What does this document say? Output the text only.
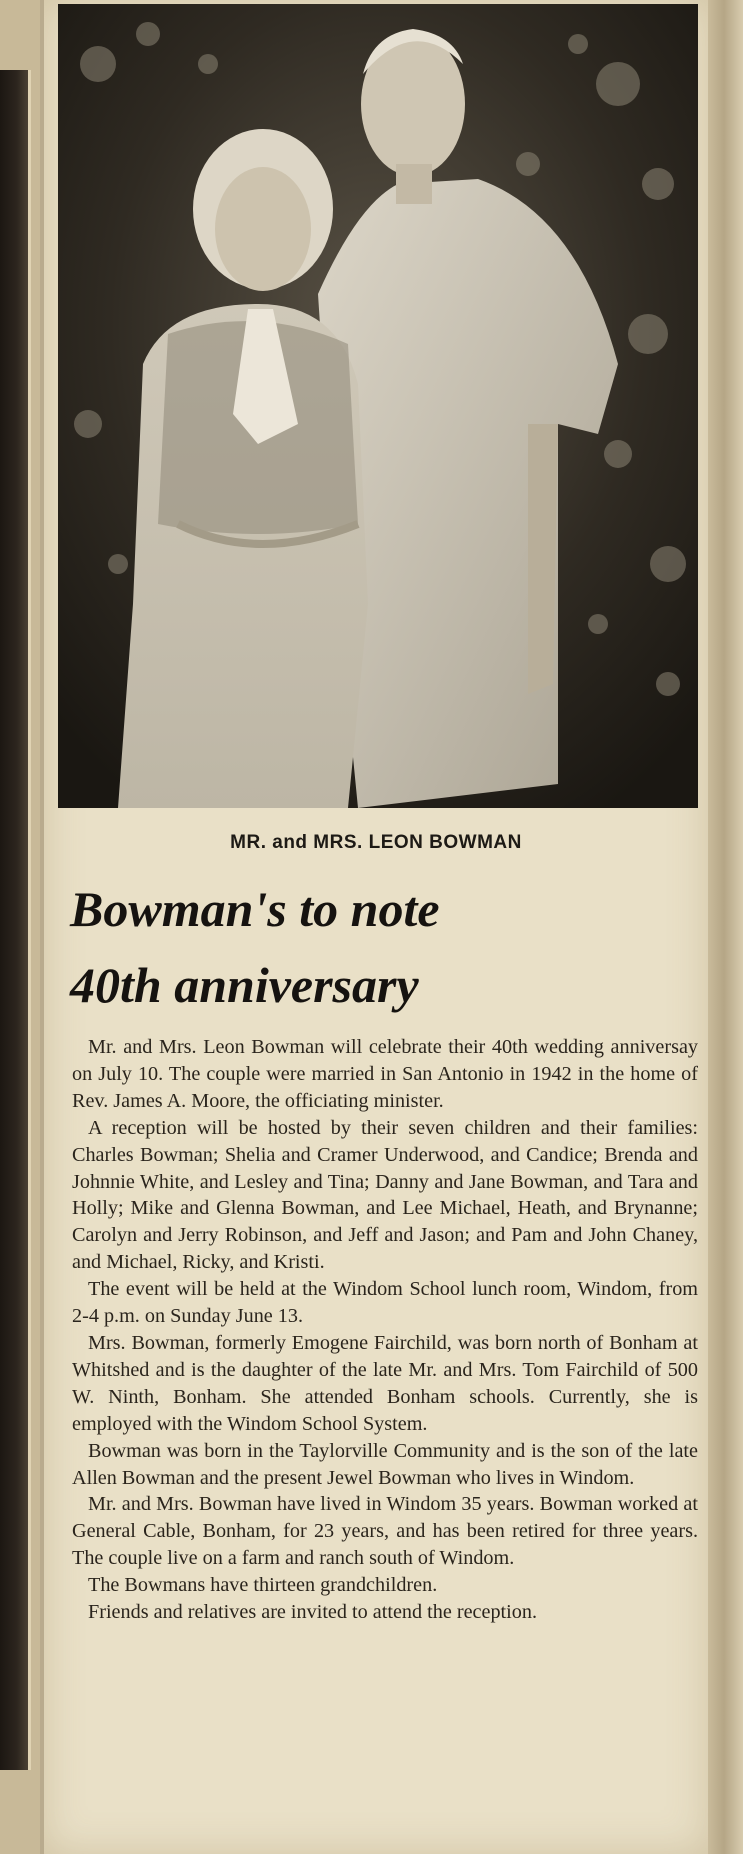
MR. and MRS. LEON BOWMAN
Bowman's to note
40th anniversary

Mr. and Mrs. Leon Bowman will celebrate their 40th wedding anniversay on July 10. The couple were married in San Antonio in 1942 in the home of Rev. James A. Moore, the officiating minister.

A reception will be hosted by their seven children and their families: Charles Bowman; Shelia and Cramer Underwood, and Candice; Brenda and Johnnie White, and Lesley and Tina; Danny and Jane Bowman, and Tara and Holly; Mike and Glenna Bowman, and Lee Michael, Heath, and Brynanne; Carolyn and Jerry Robinson, and Jeff and Jason; and Pam and John Chaney, and Michael, Ricky, and Kristi.

The event will be held at the Windom School lunch room, Windom, from 2-4 p.m. on Sunday June 13.

Mrs. Bowman, formerly Emogene Fairchild, was born north of Bonham at Whitshed and is the daughter of the late Mr. and Mrs. Tom Fairchild of 500 W. Ninth, Bonham. She attended Bonham schools. Currently, she is employed with the Windom School System.

Bowman was born in the Taylorville Community and is the son of the late Allen Bowman and the present Jewel Bowman who lives in Windom.

Mr. and Mrs. Bowman have lived in Windom 35 years. Bowman worked at General Cable, Bonham, for 23 years, and has been retired for three years. The couple live on a farm and ranch south of Windom.

The Bowmans have thirteen grandchildren.

Friends and relatives are invited to attend the reception.
